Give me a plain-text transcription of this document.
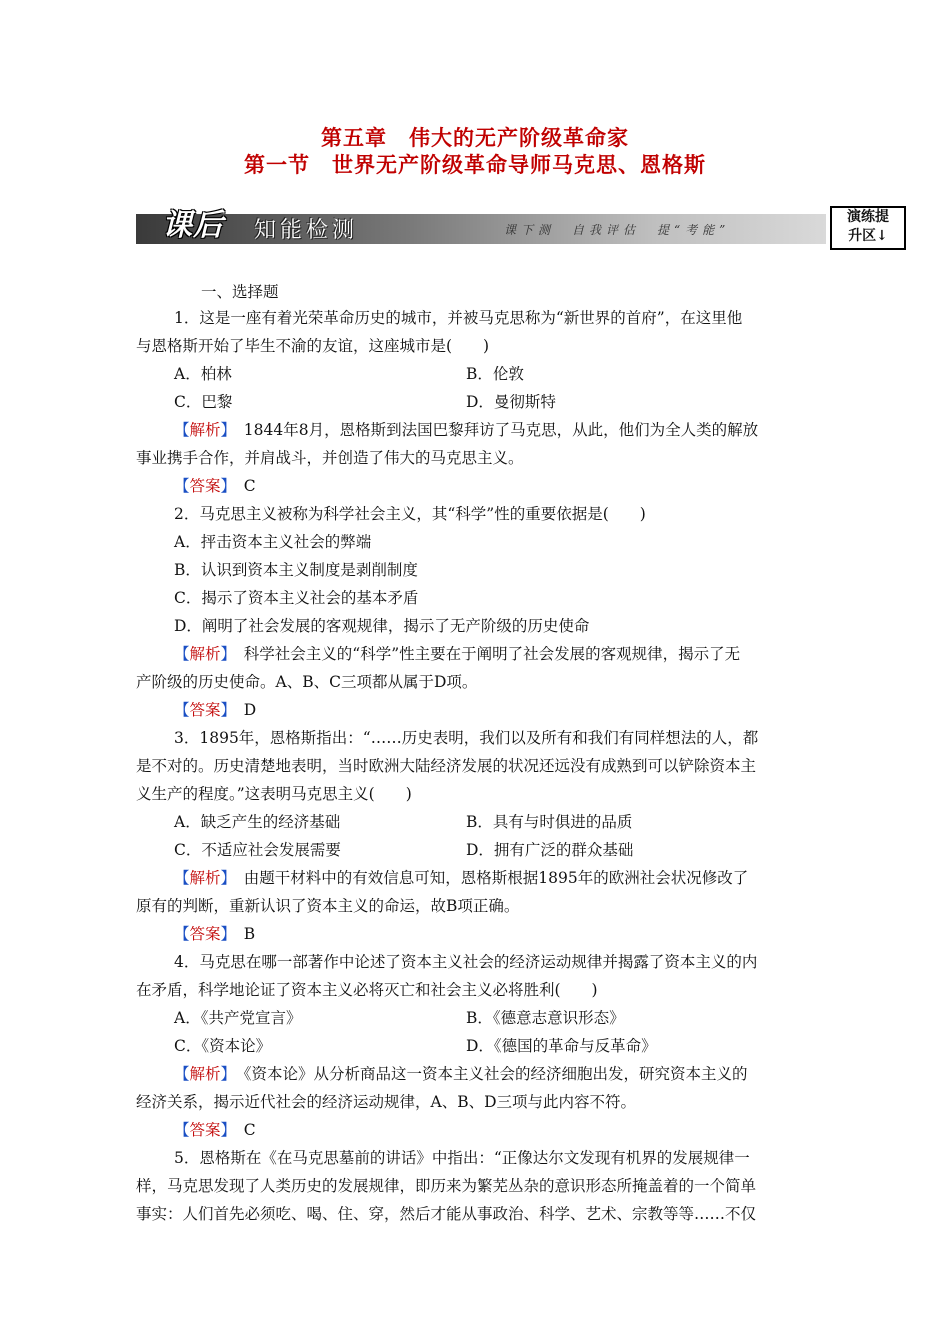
第五章　伟大的无产阶级革命家
第一节　世界无产阶级革命导师马克思、恩格斯
课后 知能检测	课下测　自我评估　提“考能”
演练提
升区↓
一、选择题
1．这是一座有着光荣革命历史的城市，并被马克思称为“新世界的首府”，在这里他
与恩格斯开始了毕生不渝的友谊，这座城市是(　　)
A．柏林	B．伦敦
C．巴黎	D．曼彻斯特
【解析】　1844年8月，恩格斯到法国巴黎拜访了马克思，从此，他们为全人类的解放
事业携手合作，并肩战斗，并创造了伟大的马克思主义。
【答案】　C
2．马克思主义被称为科学社会主义，其“科学”性的重要依据是(　　)
A．抨击资本主义社会的弊端
B．认识到资本主义制度是剥削制度
C．揭示了资本主义社会的基本矛盾
D．阐明了社会发展的客观规律，揭示了无产阶级的历史使命
【解析】　科学社会主义的“科学”性主要在于阐明了社会发展的客观规律，揭示了无
产阶级的历史使命。A、B、C三项都从属于D项。
【答案】　D
3．1895年，恩格斯指出：“……历史表明，我们以及所有和我们有同样想法的人，都
是不对的。历史清楚地表明，当时欧洲大陆经济发展的状况还远没有成熟到可以铲除资本主
义生产的程度。”这表明马克思主义(　　)
A．缺乏产生的经济基础	B．具有与时俱进的品质
C．不适应社会发展需要	D．拥有广泛的群众基础
【解析】　由题干材料中的有效信息可知，恩格斯根据1895年的欧洲社会状况修改了
原有的判断，重新认识了资本主义的命运，故B项正确。
【答案】　B
4．马克思在哪一部著作中论述了资本主义社会的经济运动规律并揭露了资本主义的内
在矛盾，科学地论证了资本主义必将灭亡和社会主义必将胜利(　　)
A．《共产党宣言》	B．《德意志意识形态》
C．《资本论》	D．《德国的革命与反革命》
【解析】　《资本论》从分析商品这一资本主义社会的经济细胞出发，研究资本主义的
经济关系，揭示近代社会的经济运动规律，A、B、D三项与此内容不符。
【答案】　C
5．恩格斯在《在马克思墓前的讲话》中指出：“正像达尔文发现有机界的发展规律一
样，马克思发现了人类历史的发展规律，即历来为繁芜丛杂的意识形态所掩盖着的一个简单
事实：人们首先必须吃、喝、住、穿，然后才能从事政治、科学、艺术、宗教等等……不仅
